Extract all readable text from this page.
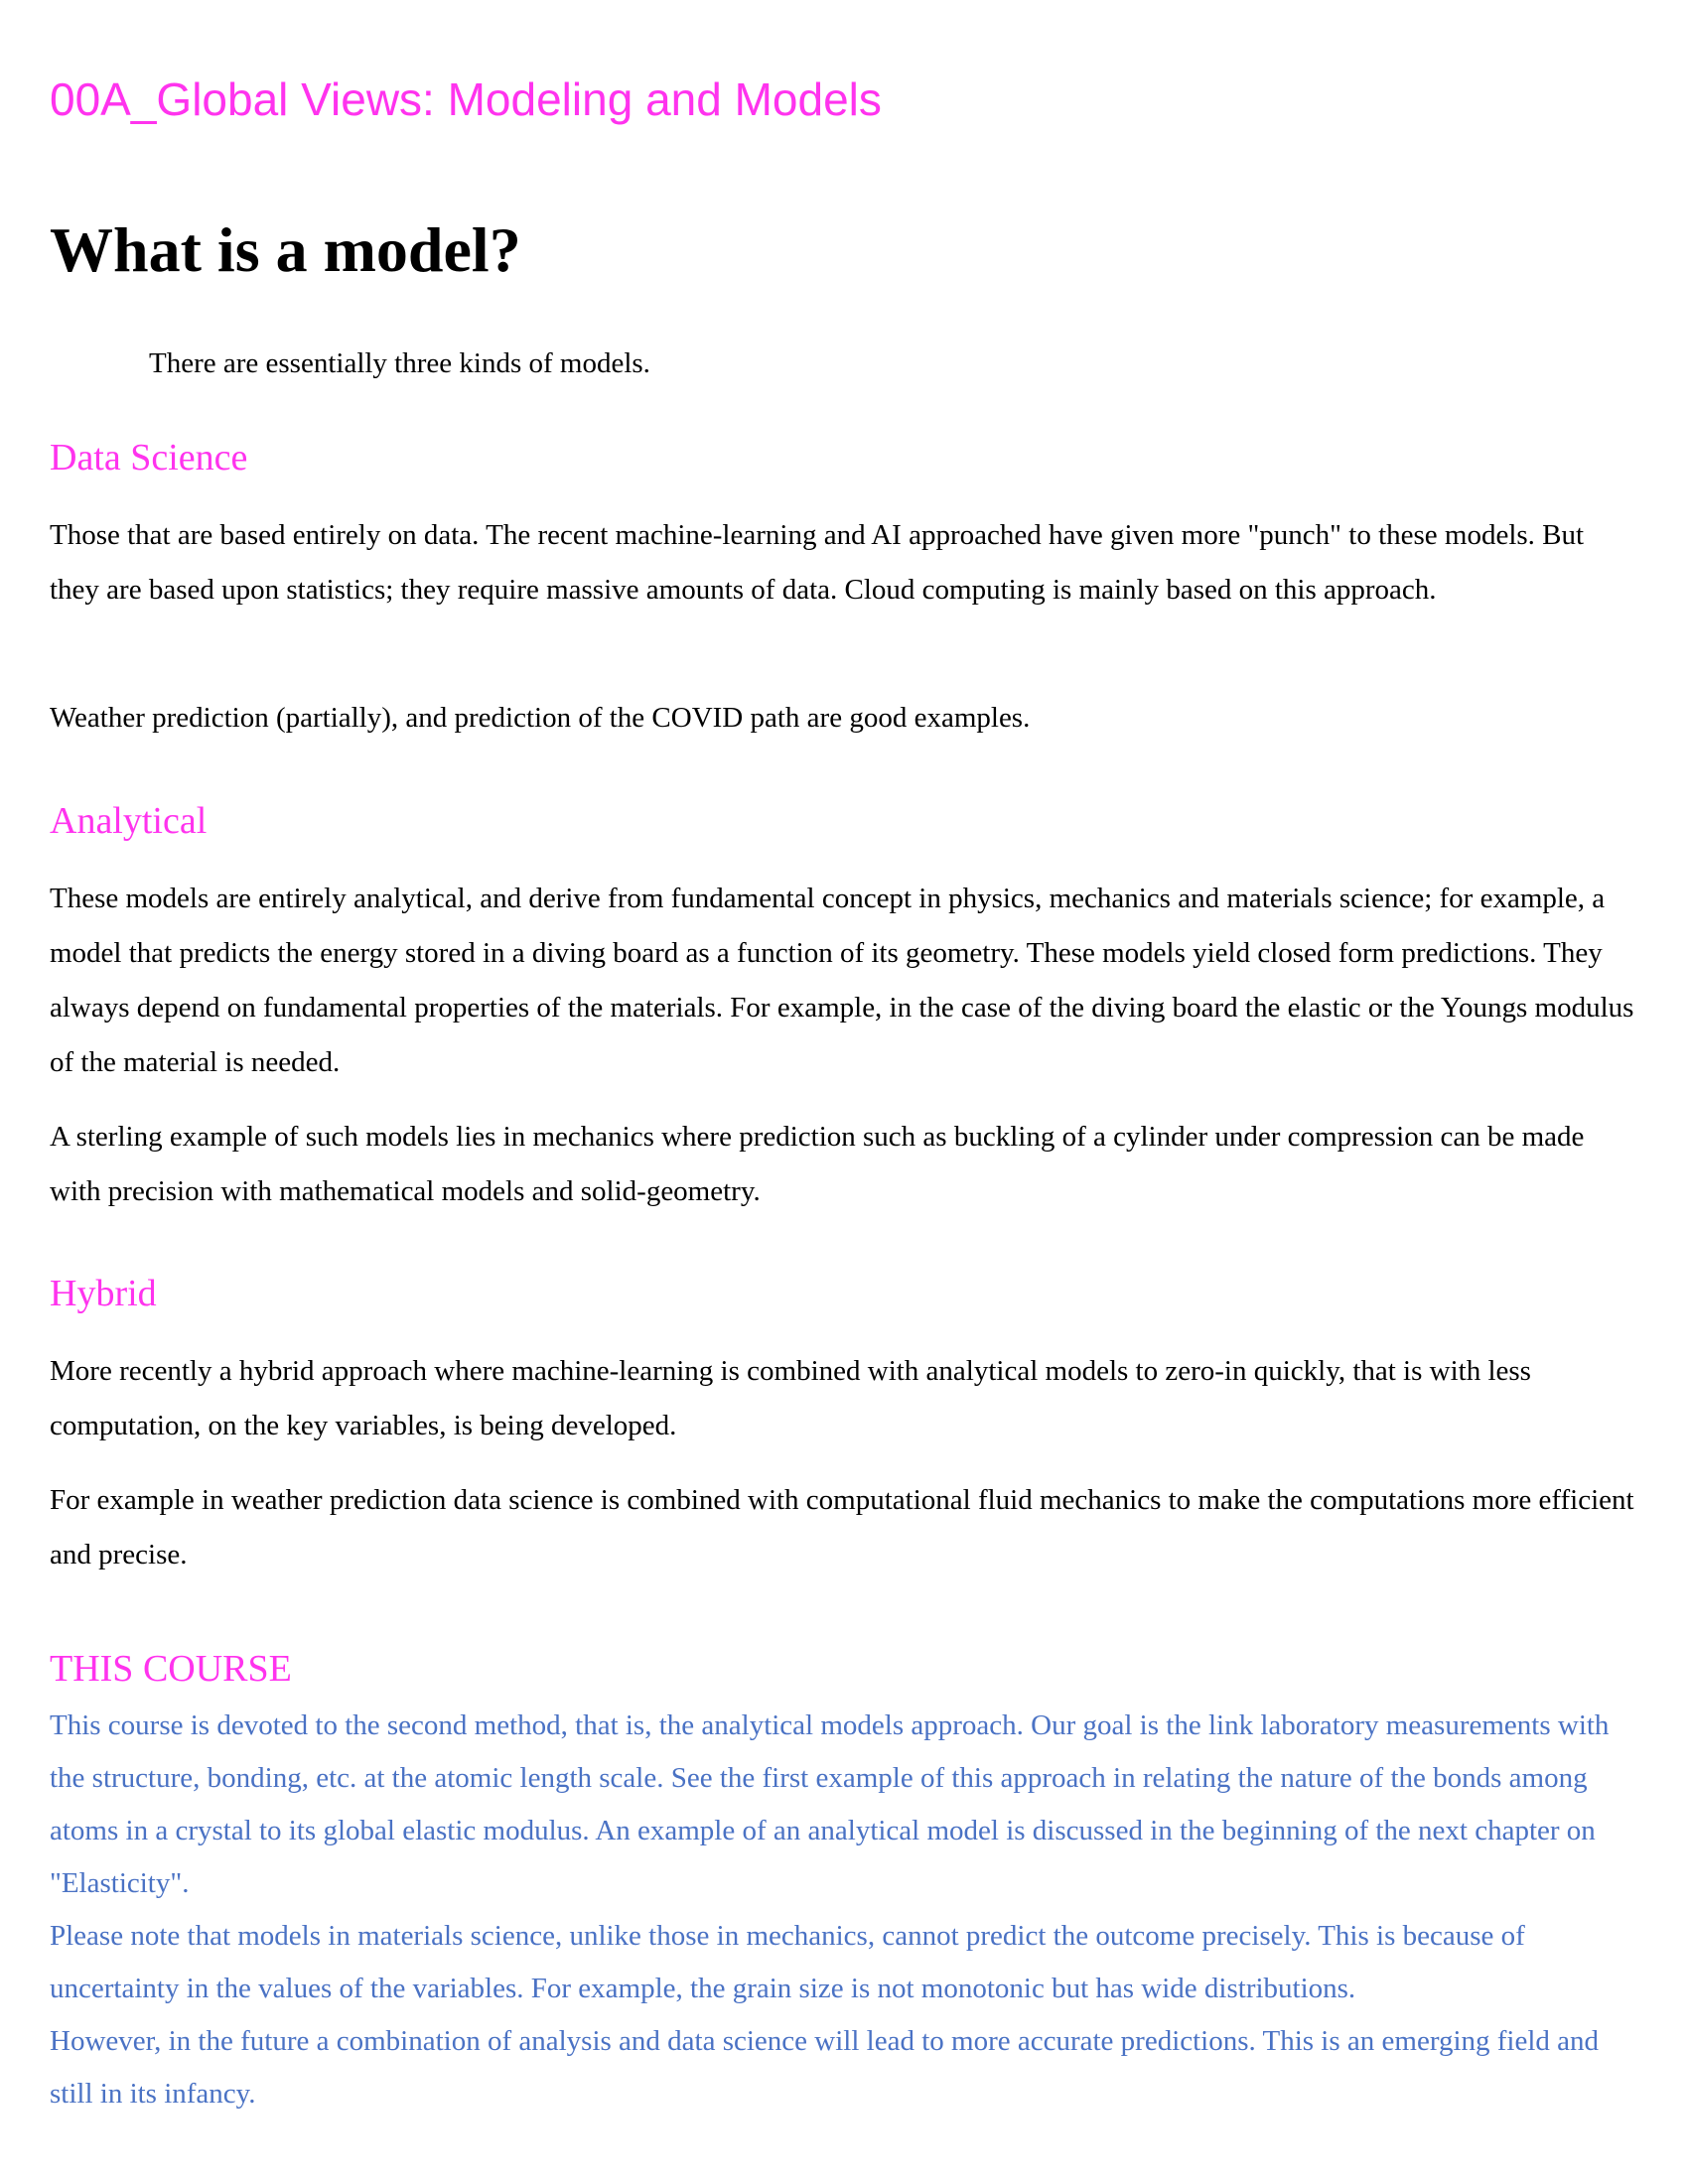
00A_Global Views: Modeling and Models
What is a model?

There are essentially three kinds of models.

Data Science

Those that are based entirely on data. The recent machine-learning and AI approached have given more "punch" to these models. But they are based upon statistics; they require massive amounts of data. Cloud computing is mainly based on this approach.

Weather prediction (partially), and prediction of the COVID path are good examples.

Analytical

These models are entirely analytical, and derive from fundamental concept in physics, mechanics and materials science; for example, a model that predicts the energy stored in a diving board as a function of its geometry. These models yield closed form predictions. They always depend on fundamental properties of the materials. For example, in the case of the diving board the elastic or the Youngs modulus of the material is needed.

A sterling example of such models lies in mechanics where prediction such as buckling of a cylinder under compression can be made with precision with mathematical models and solid-geometry.

Hybrid

More recently a hybrid approach where machine-learning is combined with analytical models to zero-in quickly, that is with less computation, on the key variables, is being developed.

For example in weather prediction data science is combined with computational fluid mechanics to make the computations more efficient and precise.

THIS COURSE

This course is devoted to the second method, that is, the analytical models approach. Our goal is the link laboratory measurements with the structure, bonding, etc. at the atomic length scale. See the first example of this approach in relating the nature of the bonds among atoms in a crystal to its global elastic modulus. An example of an analytical model is discussed in the beginning of the next chapter on "Elasticity".

Please note that models in materials science, unlike those in mechanics, cannot predict the outcome precisely. This is because of uncertainty in the values of the variables. For example, the grain size is not monotonic but has wide distributions.

However, in the future a combination of analysis and data science will lead to more accurate predictions. This is an emerging field and still in its infancy.
